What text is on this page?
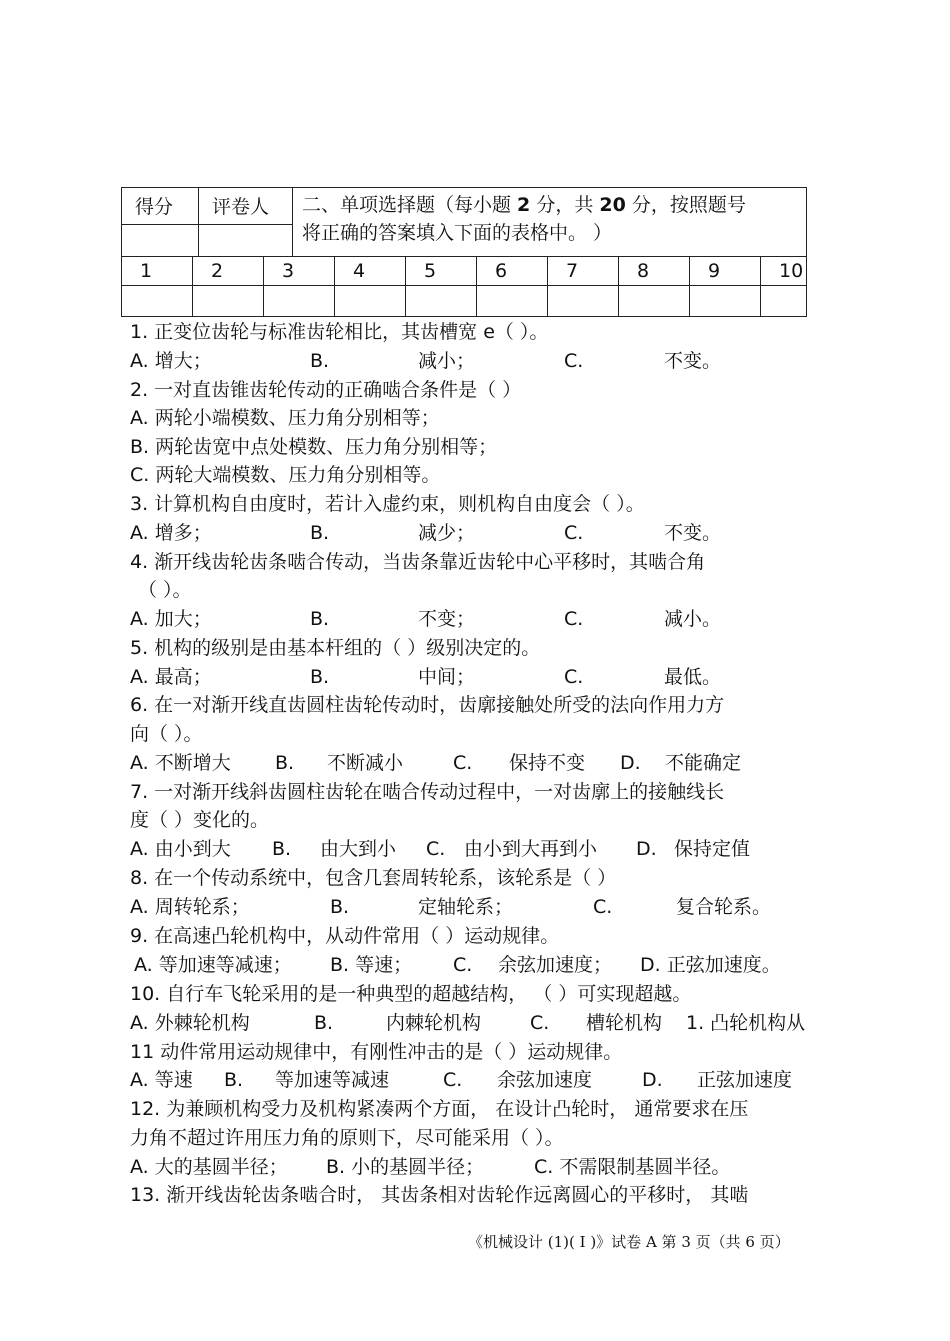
得分 评卷人 二、单项选择题（每小题 2 分，共 20 分，按照题号
将正确的答案填入下面的表格中。 ）
1	2	3	4	5	6	7	8	9	10
1. 正变位齿轮与标准齿轮相比，其齿槽宽 e（ ）。
A. 增大；	B.	减小；	C.	不变。
2. 一对直齿锥齿轮传动的正确啮合条件是（ ）
A. 两轮小端模数、压力角分别相等；
B. 两轮齿宽中点处模数、压力角分别相等；
C. 两轮大端模数、压力角分别相等。
3. 计算机构自由度时，若计入虚约束，则机构自由度会（ ）。
A. 增多；	B.	减少；	C.	不变。
4. 渐开线齿轮齿条啮合传动，当齿条靠近齿轮中心平移时，其啮合角
（ ）。
A. 加大；	B.	不变；	C.	减小。
5. 机构的级别是由基本杆组的（ ）级别决定的。
A. 最高；	B.	中间；	C.	最低。
6. 在一对渐开线直齿圆柱齿轮传动时，齿廓接触处所受的法向作用力方
向（ ）。
A. 不断增大 B. 不断减小	C. 保持不变 D. 不能确定
7. 一对渐开线斜齿圆柱齿轮在啮合传动过程中，一对齿廓上的接触线长
度（ ）变化的。
A. 由小到大 B. 由大到小 C. 由小到大再到小 D. 保持定值
8. 在一个传动系统中，包含几套周转轮系，该轮系是（ ）
A. 周转轮系；	B.	定轴轮系；	C.	复合轮系。
9. 在高速凸轮机构中，从动件常用（ ）运动规律。
A. 等加速等减速； B. 等速； C. 余弦加速度； D. 正弦加速度。
10. 自行车飞轮采用的是一种典型的超越结构， （ ）可实现超越。
A. 外棘轮机构	B.	内棘轮机构	C. 槽轮机构 1. 凸轮机构从
11 动件常用运动规律中，有刚性冲击的是（ ）运动规律。
A. 等速 B. 等加速等减速	C. 余弦加速度	D. 正弦加速度
12. 为兼顾机构受力及机构紧凑两个方面， 在设计凸轮时， 通常要求在压
力角不超过许用压力角的原则下，尽可能采用（ ）。
A. 大的基圆半径； B. 小的基圆半径；	C. 不需限制基圆半径。
13. 渐开线齿轮齿条啮合时， 其齿条相对齿轮作远离圆心的平移时， 其啮
《机械设计 (1)( Ⅰ )》试卷 A 第 3 页（共 6 页）
